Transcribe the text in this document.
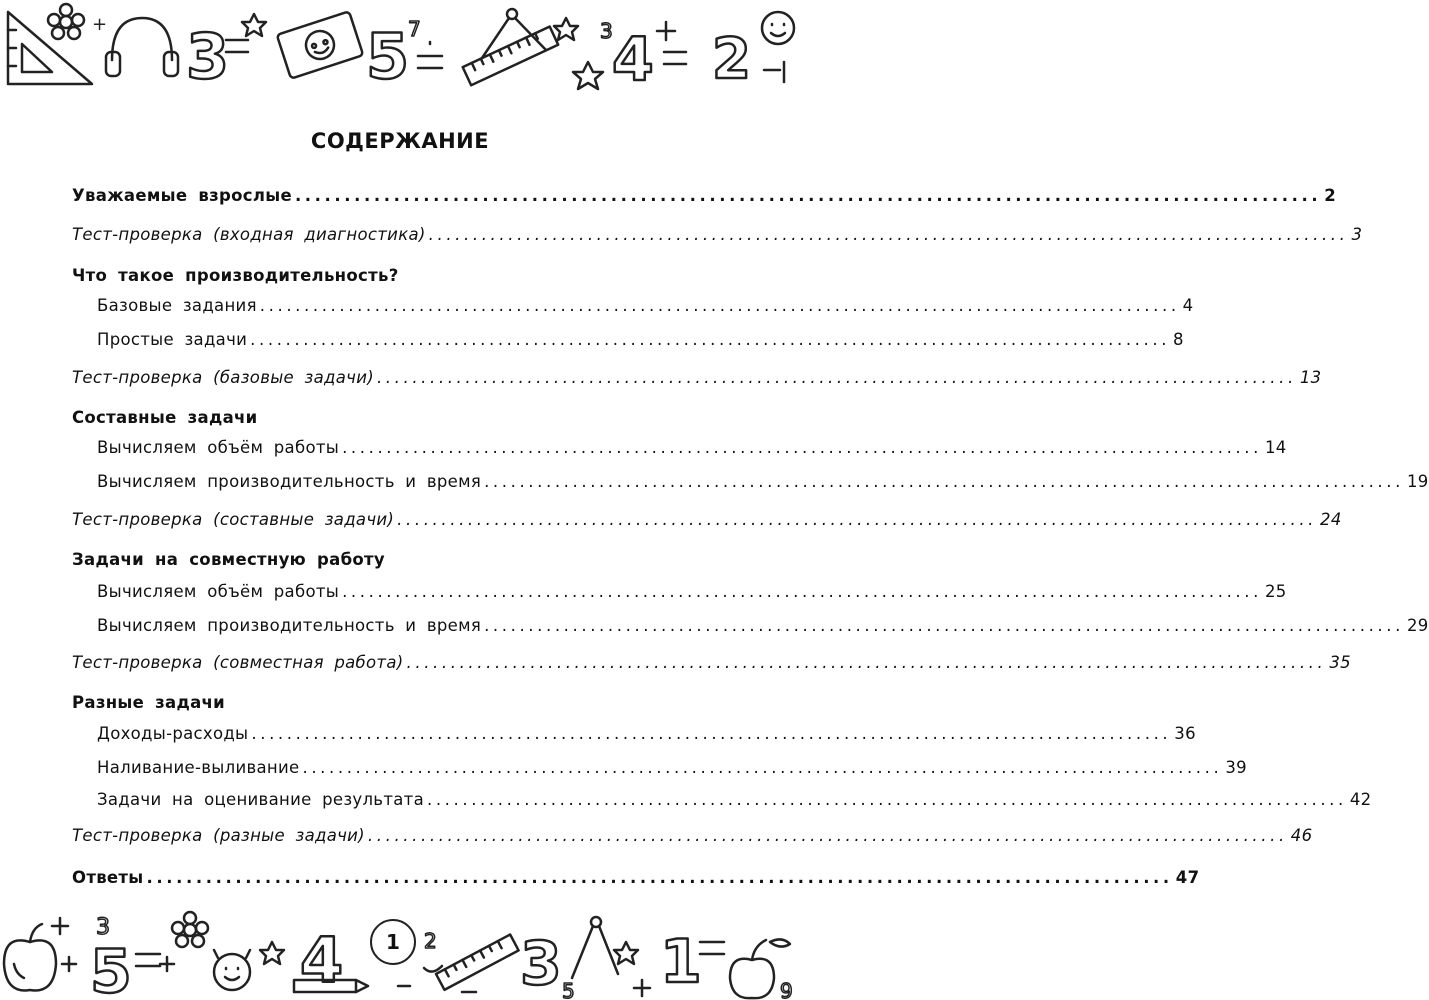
+ 3 5
7	3 4 2
СОДЕРЖАНИЕ
Уважаемые взрослые ........................................................................................................ 2
Тест-проверка (входная диагностика) ........................................................................................................ 3
Что такое производительность?
Базовые задания ........................................................................................................ 4
Простые задачи ........................................................................................................ 8
Тест-проверка (базовые задачи) ........................................................................................................ 13
Составные задачи
Вычисляем объём работы ........................................................................................................ 14
Вычисляем производительность и время ........................................................................................................ 19
Тест-проверка (составные задачи) ........................................................................................................ 24
Задачи на совместную работу
Вычисляем объём работы ........................................................................................................ 25
Вычисляем производительность и время ........................................................................................................ 29
Тест-проверка (совместная работа) ........................................................................................................ 35
Разные задачи
Доходы-расходы ........................................................................................................ 36
Наливание-выливание ........................................................................................................ 39
Задачи на оценивание результата ........................................................................................................ 42
Тест-проверка (разные задачи) ........................................................................................................ 46
Ответы ........................................................................................................ 47
3
5	4	2 3 5 1	9
1
